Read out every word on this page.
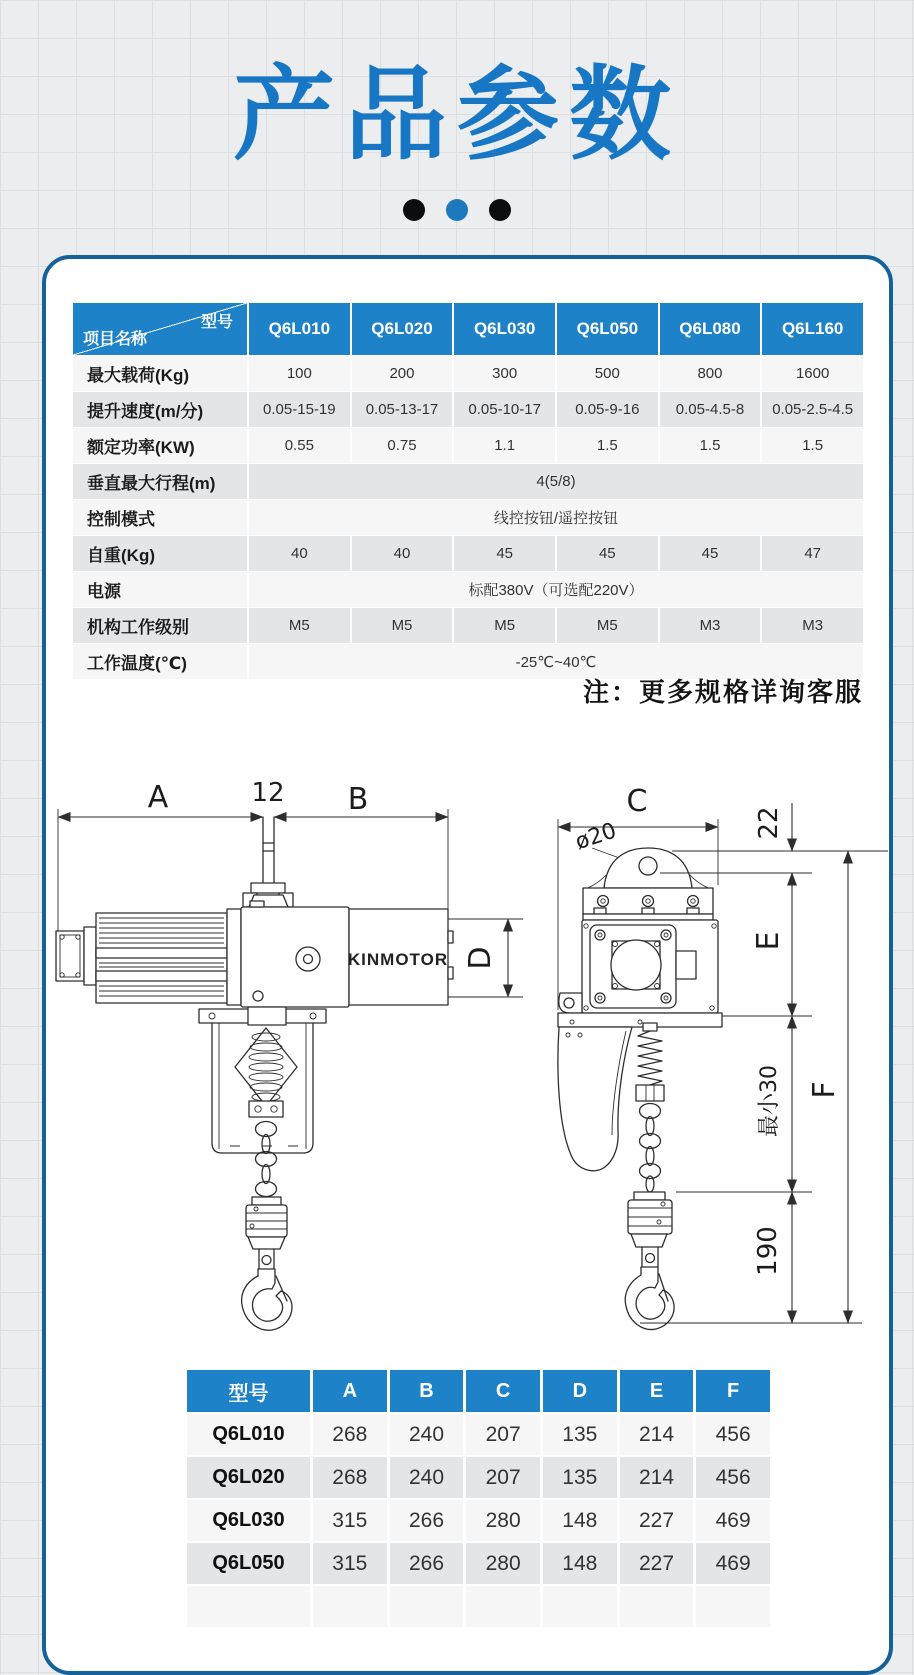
产品参数
型号
项目名称
Q6L010	Q6L020	Q6L030	Q6L050	Q6L080	Q6L160
最大载荷(Kg)	100	200	300	500	800	1600
提升速度(m/分)	0.05-15-19	0.05-13-17	0.05-10-17	0.05-9-16	0.05-4.5-8	0.05-2.5-4.5
额定功率(KW)	0.55	0.75	1.1	1.5	1.5	1.5
垂直最大行程(m)	4(5/8)
控制模式	线控按钮/遥控按钮
自重(Kg)	40	40	45	45	45	47
电源	标配380V（可选配220V）
机构工作级别	M5	M5	M5	M5	M3	M3
工作温度(℃)	-25℃~40℃
注：更多规格详询客服
A	12 B
KINMOTOR D
C
ø20	22
E
最小30
190
F
型号	A	B	C	D	E	F
Q6L010	268	240	207	135	214	456
Q6L020	268	240	207	135	214	456
Q6L030	315	266	280	148	227	469
Q6L050	315	266	280	148	227	469
